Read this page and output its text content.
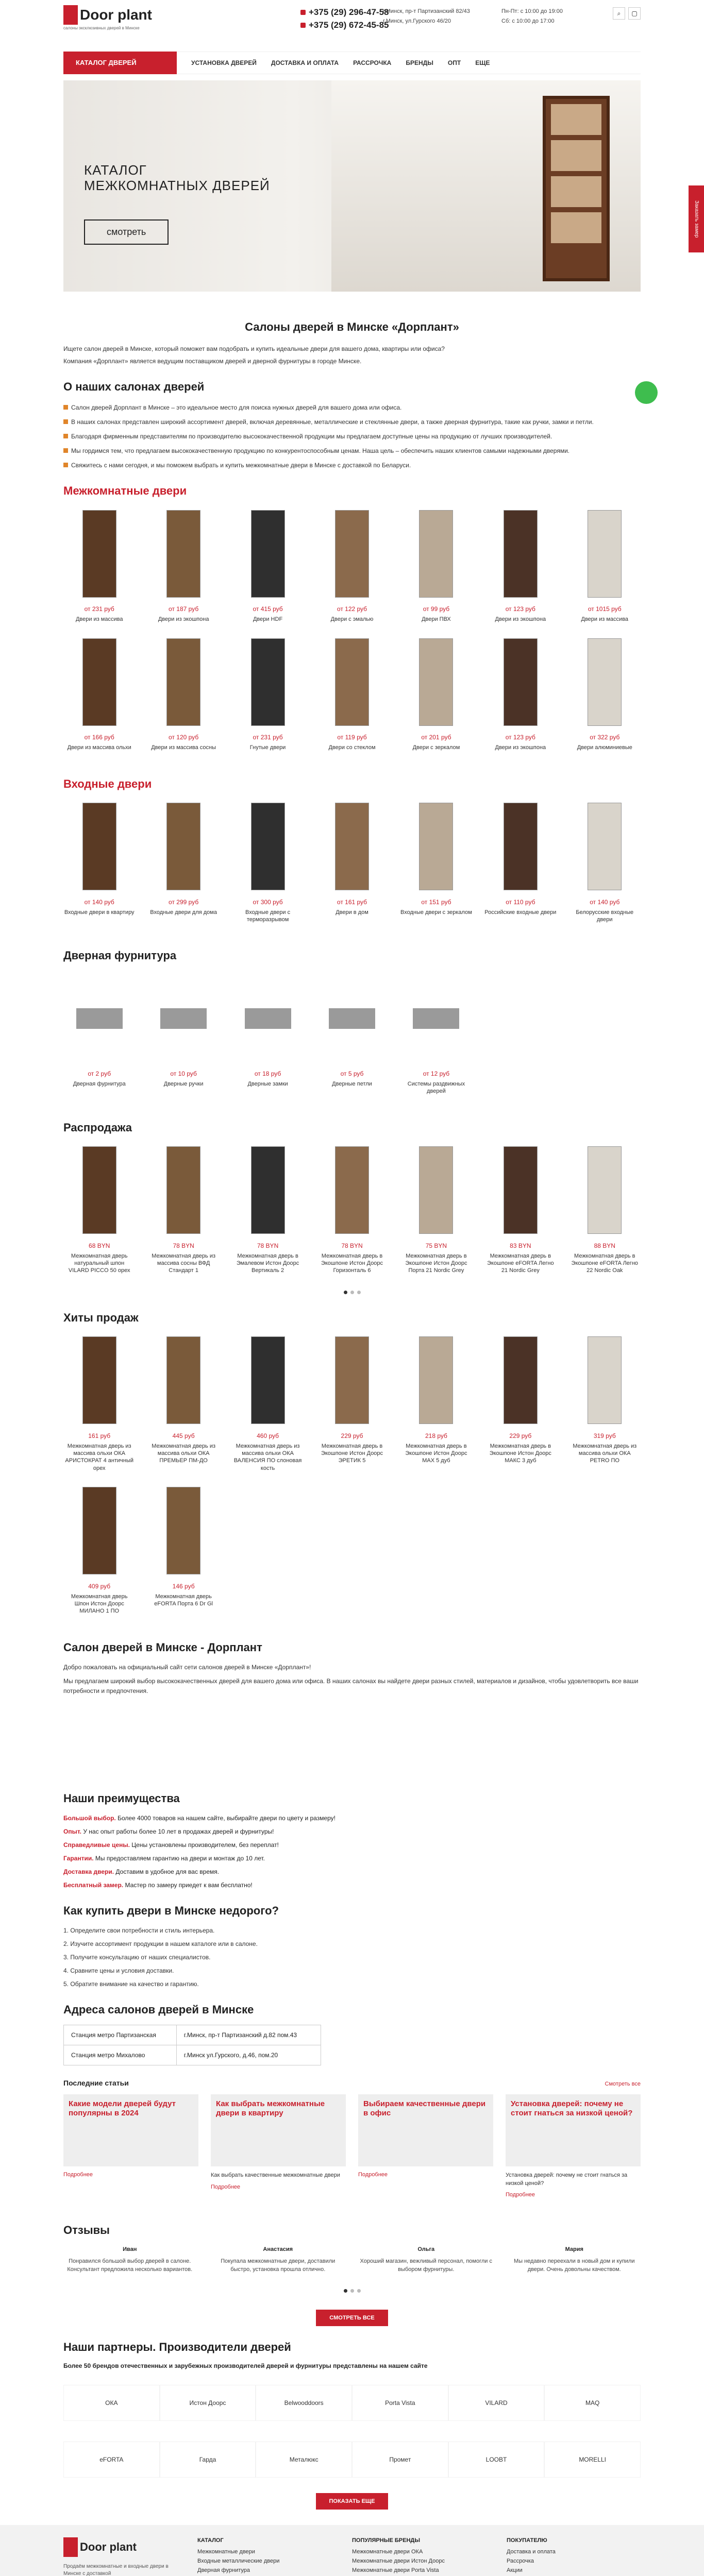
Door plant
салоны эксклюзивных дверей в Минске
+375 (29) 296-47-58
+375 (29) 672-45-85
г.Минск, пр-т Партизанский 82/43
г.Минск, ул.Гурского 46/20
Пн-Пт: с 10:00 до 19:00
Сб: с 10:00 до 17:00
⌕ ▢
КАТАЛОГ ДВЕРЕЙ	УСТАНОВКА ДВЕРЕЙ ДОСТАВКА И ОПЛАТА РАССРОЧКА БРЕНДЫ ОПТ ЕЩЕ
КАТАЛОГ
МЕЖКОМНАТНЫХ ДВЕРЕЙ
смотреть
Салоны дверей в Минске «Дорплант»

Ищете салон дверей в Минске, который поможет вам подобрать и купить идеальные двери для вашего дома, квартиры или офиса?

Компания «Дорплант» является ведущим поставщиком дверей и дверной фурнитуры в городе Минске.

О наших салонах дверей

Салон дверей Дорплант в Минске – это идеальное место для поиска нужных дверей для вашего дома или офиса.

В наших салонах представлен широкий ассортимент дверей, включая деревянные, металлические и стеклянные двери, а также дверная фурнитура, такие как ручки, замки и петли.

Благодаря фирменным представителям по производителю высококачественной продукции мы предлагаем доступные цены на продукцию от лучших производителей.

Мы гордимся тем, что предлагаем высококачественную продукцию по конкурентоспособным ценам. Наша цель – обеспечить наших клиентов самыми надежными дверями.

Свяжитесь с нами сегодня, и мы поможем выбрать и купить межкомнатные двери в Минске с доставкой по Беларуси.

Межкомнатные двери
от 231 руб
Двери из массива
от 187 руб
Двери из экошпона
от 415 руб
Двери HDF
от 122 руб
Двери с эмалью
от 99 руб
Двери ПВХ
от 123 руб
Двери из экошпона
от 1015 руб
Двери из массива
от 166 руб
Двери из массива ольхи
от 120 руб
Двери из массива сосны
от 231 руб
Гнутые двери
от 119 руб
Двери со стеклом
от 201 руб
Двери с зеркалом
от 123 руб
Двери из экошпона
от 322 руб
Двери алюминиевые
Входные двери
от 140 руб
Входные двери в квартиру
от 299 руб
Входные двери для дома
от 300 руб
Входные двери с терморазрывом
от 161 руб
Двери в дом
от 151 руб
Входные двери с зеркалом
от 110 руб
Российские входные двери
от 140 руб
Белорусские входные двери
Дверная фурнитура
от 2 руб
Дверная фурнитура
от 10 руб
Дверные ручки
от 18 руб
Дверные замки
от 5 руб
Дверные петли
от 12 руб
Системы раздвижных дверей
Распродажа
68 BYN
Межкомнатная дверь натуральный шпон VILARD PICCO 50 орех
78 BYN
Межкомнатная дверь из массива сосны ВФД Стандарт 1
78 BYN
Межкомнатная дверь в Эмалевом Истон Доорс Вертикаль 2
78 BYN
Межкомнатная дверь в Экошпоне Истон Доорс Горизонталь 6
75 BYN
Межкомнатная дверь в Экошпоне Истон Доорс Порта 21 Nordic Grey
83 BYN
Межкомнатная дверь в Экошпоне eFORTA Легно 21 Nordic Grey
88 BYN
Межкомнатная дверь в Экошпоне eFORTA Легно 22 Nordic Oak
Хиты продаж
161 руб
Межкомнатная дверь из массива ольхи ОКА АРИСТОКРАТ 4 античный орех
445 руб
Межкомнатная дверь из массива ольхи ОКА ПРЕМЬЕР ПМ-ДО
460 руб
Межкомнатная дверь из массива ольхи ОКА ВАЛЕНСИЯ ПО слоновая кость
229 руб
Межкомнатная дверь в Экошпоне Истон Доорс ЭРЕТИК 5
218 руб
Межкомнатная дверь в Экошпоне Истон Доорс МАХ 5 дуб
229 руб
Межкомнатная дверь в Экошпоне Истон Доорс МАКС 3 дуб
319 руб
Межкомнатная дверь из массива ольхи ОКА PETRO ПО
409 руб
Межкомнатная дверь Шпон Истон Доорс МИЛАНО 1 ПО
146 руб
Межкомнатная дверь eFORTA Порта 6 Dr Gl
Салон дверей в Минске - Дорплант

Добро пожаловать на официальный сайт сети салонов дверей в Минске «Дорплант»!

Мы предлагаем широкий выбор высококачественных дверей для вашего дома или офиса. В наших салонах вы найдете двери разных стилей, материалов и дизайнов, чтобы удовлетворить все ваши потребности и предпочтения.

Наши преимущества

Большой выбор. Более 4000 товаров на нашем сайте, выбирайте двери по цвету и размеру!

Опыт. У нас опыт работы более 10 лет в продажах дверей и фурнитуры!

Справедливые цены. Цены установлены производителем, без переплат!

Гарантии. Мы предоставляем гарантию на двери и монтаж до 10 лет.

Доставка двери. Доставим в удобное для вас время.

Бесплатный замер. Мастер по замеру приедет к вам бесплатно!

Как купить двери в Минске недорого?

1. Определите свои потребности и стиль интерьера.

2. Изучите ассортимент продукции в нашем каталоге или в салоне.

3. Получите консультацию от наших специалистов.

4. Сравните цены и условия доставки.

5. Обратите внимание на качество и гарантию.

Адреса салонов дверей в Минске
Станция метро Партизанская	г.Минск, пр-т Партизанский д.82 пом.43
Станция метро Михалово	г.Минск ул.Гурского, д.46, пом.20
Последние статьи	Смотреть все
Какие модели дверей будут популярны в 2024
Подробнее
Как выбрать межкомнатные двери в квартиру
Как выбрать качественные межкомнатные двери
Подробнее
Выбираем качественные двери в офис
Подробнее
Установка дверей: почему не стоит гнаться за низкой ценой?
Установка дверей: почему не стоит гнаться за низкой ценой?
Подробнее
Отзывы
Иван
Понравился большой выбор дверей в салоне. Консультант предложила несколько вариантов.
Анастасия
Покупала межкомнатные двери, доставили быстро, установка прошла отлично.
Ольга
Хороший магазин, вежливый персонал, помогли с выбором фурнитуры.
Мария
Мы недавно переехали в новый дом и купили двери. Очень довольны качеством.
СМОТРЕТЬ ВСЕ
Наши партнеры. Производители дверей
Более 50 брендов отечественных и зарубежных производителей дверей и фурнитуры представлены на нашем сайте
ОКА	Истон Доорс	Belwooddoors	Porta Vista	VILARD	MAQ
eFORTA	Гарда	Металюкс	Промет	LOOBT	MORELLI
ПОКАЗАТЬ ЕЩЕ
Door plant
Продаём межкомнатные и входные двери в Минске с доставкой
КАТАЛОГ
Межкомнатные двери
Входные металлические двери
Дверная фурнитура
ПОПУЛЯРНЫЕ БРЕНДЫ
Межкомнатные двери ОКА
Межкомнатные двери Истон Доорс
Межкомнатные двери Porta Vista
ПОКУПАТЕЛЮ
Доставка и оплата
Рассрочка
Акции
Заказать замер
